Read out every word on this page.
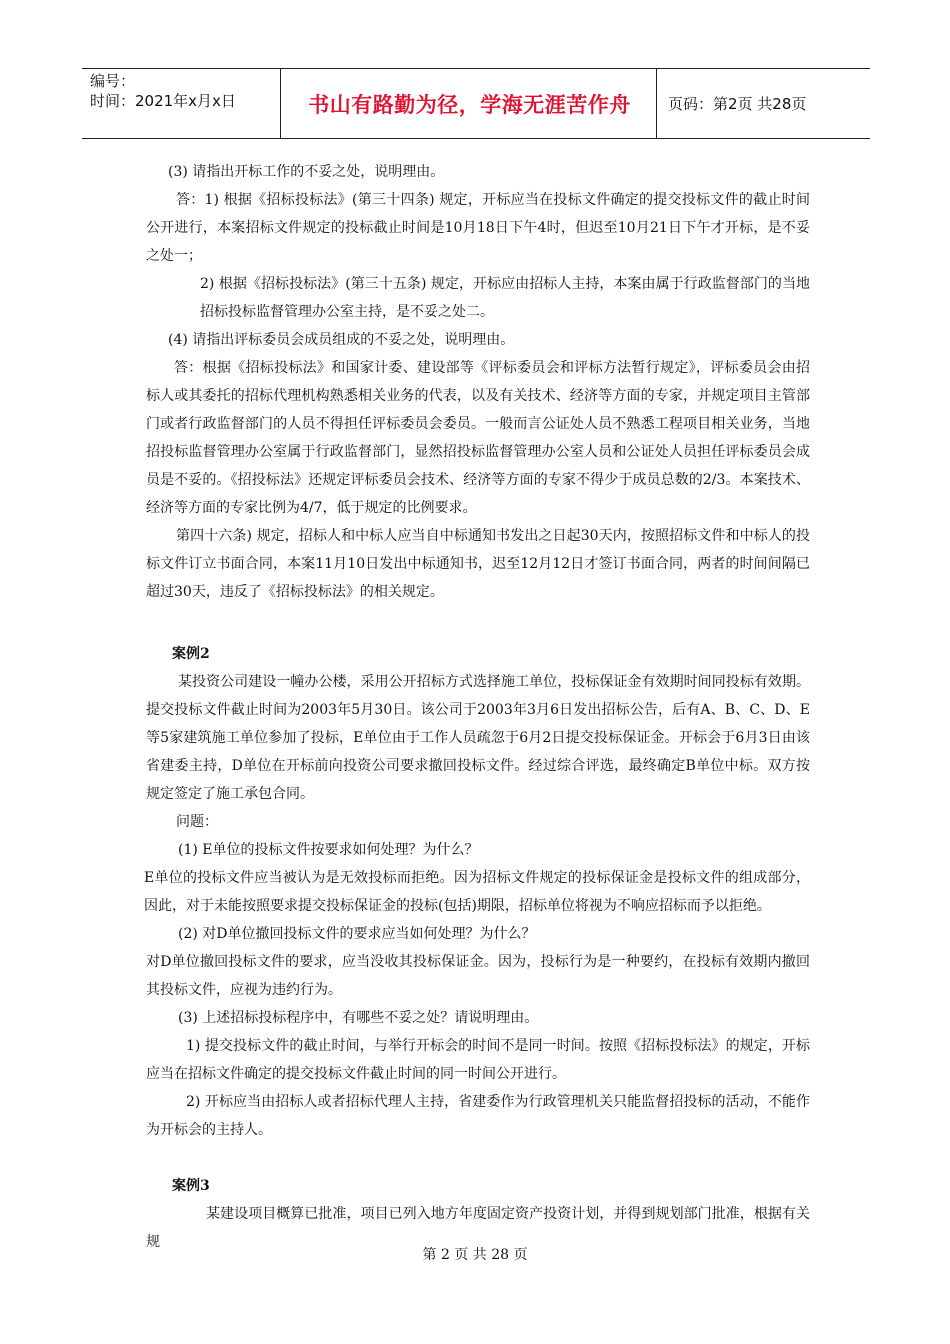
编号：
时间：2021年x月x日	书山有路勤为径，学海无涯苦作舟	页码：第2页 共28页

(3) 请指出开标工作的不妥之处，说明理由。

答：1) 根据《招标投标法》(第三十四条) 规定，开标应当在投标文件确定的提交投标文件的截止时间公开进行，本案招标文件规定的投标截止时间是10月18日下午4时，但迟至10月21日下午才开标，是不妥之处一；

2) 根据《招标投标法》(第三十五条) 规定，开标应由招标人主持，本案由属于行政监督部门的当地招标投标监督管理办公室主持，是不妥之处二。

(4) 请指出评标委员会成员组成的不妥之处，说明理由。

答：根据《招标投标法》和国家计委、建设部等《评标委员会和评标方法暂行规定》，评标委员会由招标人或其委托的招标代理机构熟悉相关业务的代表，以及有关技术、经济等方面的专家，并规定项目主管部门或者行政监督部门的人员不得担任评标委员会委员。一般而言公证处人员不熟悉工程项目相关业务，当地招投标监督管理办公室属于行政监督部门，显然招投标监督管理办公室人员和公证处人员担任评标委员会成员是不妥的。《招投标法》还规定评标委员会技术、经济等方面的专家不得少于成员总数的2/3。本案技术、经济等方面的专家比例为4/7，低于规定的比例要求。

第四十六条) 规定，招标人和中标人应当自中标通知书发出之日起30天内，按照招标文件和中标人的投标文件订立书面合同，本案11月10日发出中标通知书，迟至12月12日才签订书面合同，两者的时间间隔已超过30天，违反了《招标投标法》的相关规定。

案例2

某投资公司建设一幢办公楼，采用公开招标方式选择施工单位，投标保证金有效期时间同投标有效期。提交投标文件截止时间为2003年5月30日。该公司于2003年3月6日发出招标公告，后有A、B、C、D、E等5家建筑施工单位参加了投标，E单位由于工作人员疏忽于6月2日提交投标保证金。开标会于6月3日由该省建委主持，D单位在开标前向投资公司要求撤回投标文件。经过综合评选，最终确定B单位中标。双方按规定签定了施工承包合同。

问题：

(1) E单位的投标文件按要求如何处理？为什么？

E单位的投标文件应当被认为是无效投标而拒绝。因为招标文件规定的投标保证金是投标文件的组成部分，因此，对于未能按照要求提交投标保证金的投标(包括)期限，招标单位将视为不响应招标而予以拒绝。

(2) 对D单位撤回投标文件的要求应当如何处理？为什么？

对D单位撤回投标文件的要求，应当没收其投标保证金。因为，投标行为是一种要约，在投标有效期内撤回其投标文件，应视为违约行为。

(3) 上述招标投标程序中，有哪些不妥之处？请说明理由。

1) 提交投标文件的截止时间，与举行开标会的时间不是同一时间。按照《招标投标法》的规定，开标应当在招标文件确定的提交投标文件截止时间的同一时间公开进行。

2) 开标应当由招标人或者招标代理人主持，省建委作为行政管理机关只能监督招投标的活动，不能作为开标会的主持人。

案例3

某建设项目概算已批准，项目已列入地方年度固定资产投资计划，并得到规划部门批准，根据有关规

第 2 页 共 28 页
